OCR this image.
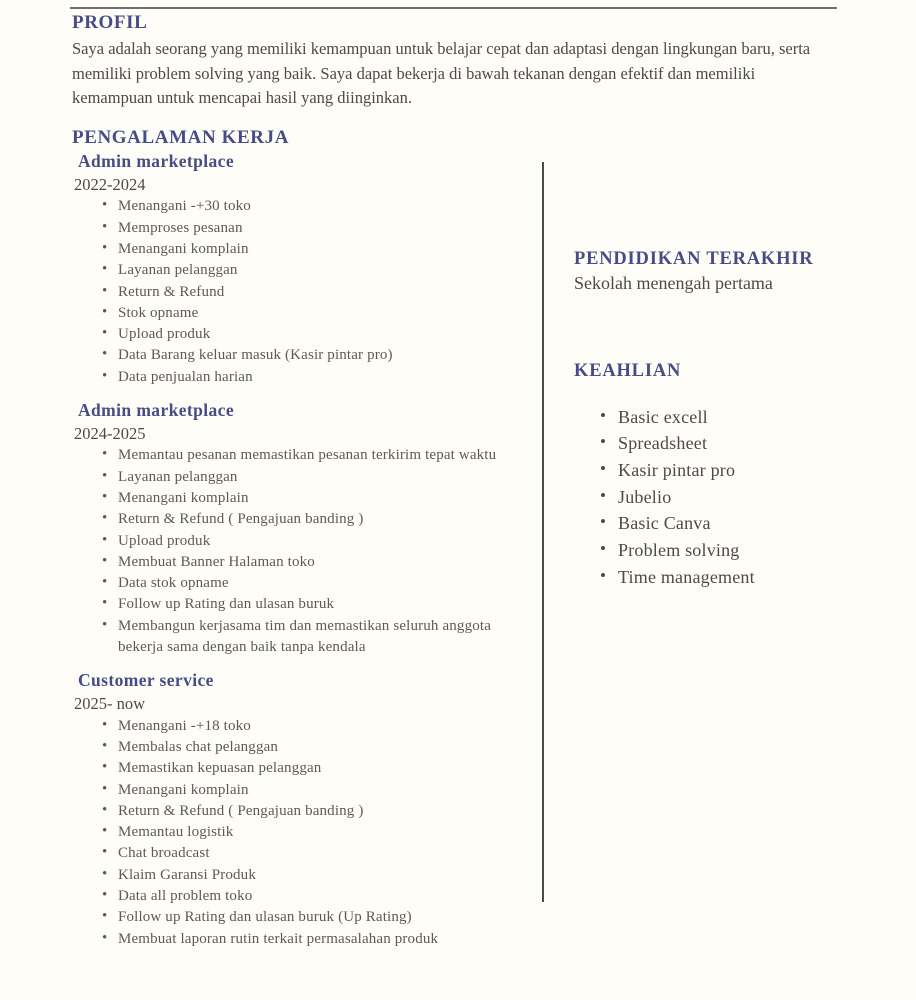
PROFIL

Saya adalah seorang yang memiliki kemampuan untuk belajar cepat dan adaptasi dengan lingkungan baru, serta memiliki problem solving yang baik. Saya dapat bekerja di bawah tekanan dengan efektif dan memiliki kemampuan untuk mencapai hasil yang diinginkan.

PENGALAMAN KERJA
Admin marketplace
2022-2024
• Menangani -+30 toko
• Memproses pesanan
• Menangani komplain
• Layanan pelanggan
• Return & Refund
• Stok opname
• Upload produk
• Data Barang keluar masuk (Kasir pintar pro)
• Data penjualan harian
Admin marketplace
2024-2025
• Memantau pesanan memastikan pesanan terkirim tepat waktu
• Layanan pelanggan
• Menangani komplain
• Return & Refund ( Pengajuan banding )
• Upload produk
• Membuat Banner Halaman toko
• Data stok opname
• Follow up Rating dan ulasan buruk
• Membangun kerjasama tim dan memastikan seluruh anggota bekerja sama dengan baik tanpa kendala
Customer service
2025- now
• Menangani -+18 toko
• Membalas chat pelanggan
• Memastikan kepuasan pelanggan
• Menangani komplain
• Return & Refund ( Pengajuan banding )
• Memantau logistik
• Chat broadcast
• Klaim Garansi Produk
• Data all problem toko
• Follow up Rating dan ulasan buruk (Up Rating)
• Membuat laporan rutin terkait permasalahan produk
PENDIDIKAN TERAKHIR
Sekolah menengah pertama
KEAHLIAN
• Basic excell
• Spreadsheet
• Kasir pintar pro
• Jubelio
• Basic Canva
• Problem solving
• Time management
